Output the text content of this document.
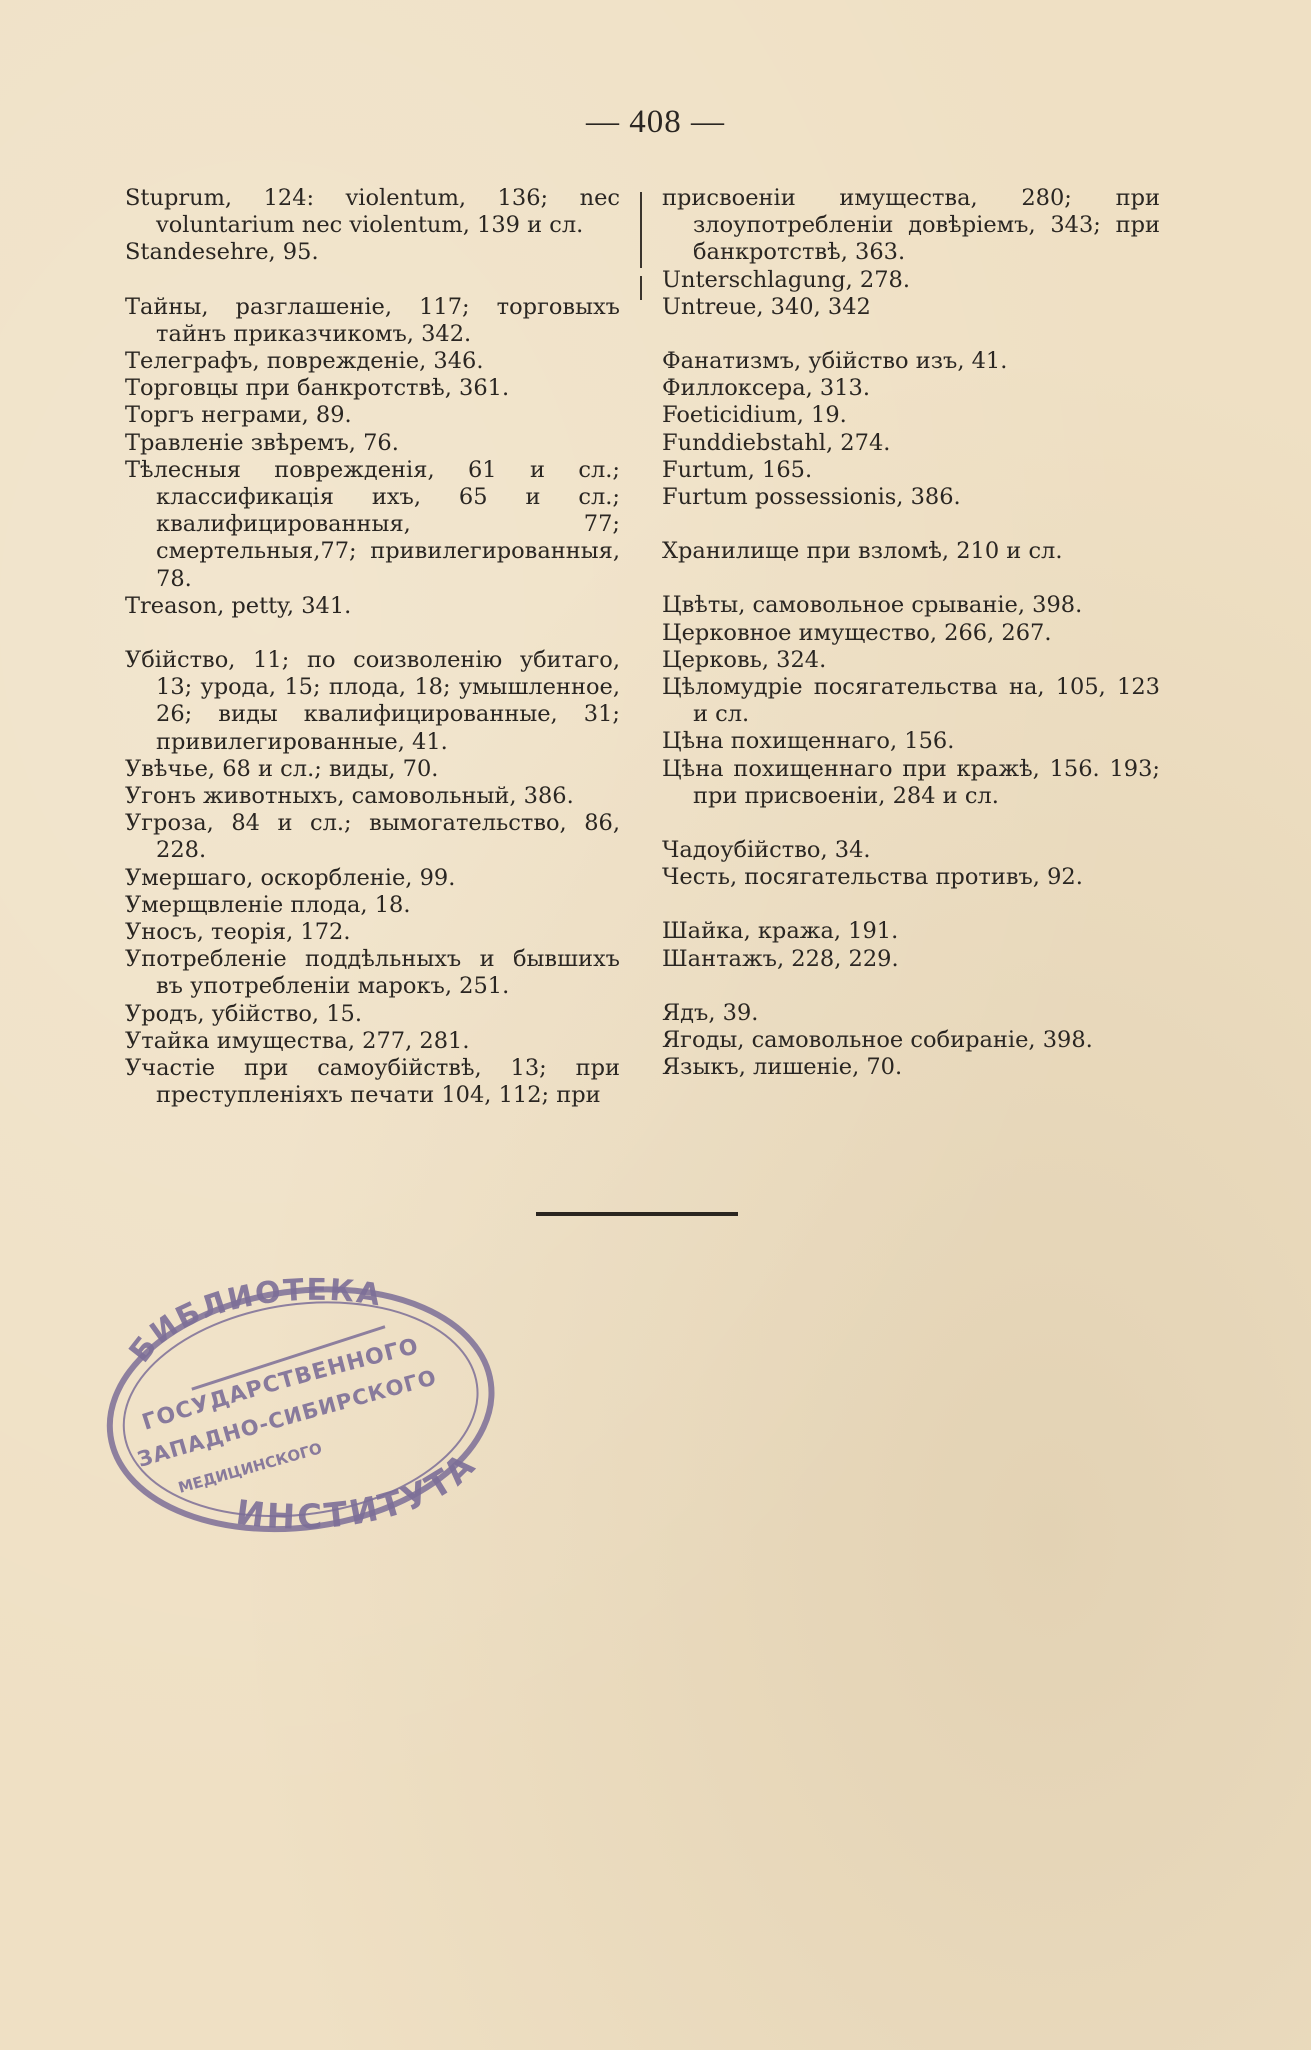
— 408 —

Stuprum, 124: violentum, 136; nec voluntarium nec violentum, 139 и сл.

Standesehre, 95.

Тайны, разглашеніе, 117; торговыхъ тайнъ приказчикомъ, 342.

Телеграфъ, поврежденіе, 346.

Торговцы при банкротствѣ, 361.

Торгъ неграми, 89.

Травленіе звѣремъ, 76.

Тѣлесныя поврежденія, 61 и сл.; классификація ихъ, 65 и сл.; квалифицированныя, 77; смертельныя,77; привилегированныя, 78.

Treason, petty, 341.

Убійство, 11; по соизволенію убитаго, 13; урода, 15; плода, 18; умышленное, 26; виды квалифицированные, 31; привилегированные, 41.

Увѣчье, 68 и сл.; виды, 70.

Угонъ животныхъ, самовольный, 386.

Угроза, 84 и сл.; вымогательство, 86, 228.

Умершаго, оскорбленіе, 99.

Умерщвленіе плода, 18.

Уносъ, теорія, 172.

Употребленіе поддѣльныхъ и бывшихъ въ употребленіи марокъ, 251.

Уродъ, убійство, 15.

Утайка имущества, 277, 281.

Участіе при самоубійствѣ, 13; при преступленіяхъ печати 104, 112; при

присвоеніи имущества, 280; при злоупотребленіи довѣріемъ, 343; при банкротствѣ, 363.

Unterschlagung, 278.

Untreue, 340, 342

Фанатизмъ, убійство изъ, 41.

Филлоксера, 313.

Foeticidium, 19.

Funddiebstahl, 274.

Furtum, 165.

Furtum possessionis, 386.

Хранилище при взломѣ, 210 и сл.

Цвѣты, самовольное срываніе, 398.

Церковное имущество, 266, 267.

Церковь, 324.

Цѣломудріе посягательства на, 105, 123 и сл.

Цѣна похищеннаго, 156.

Цѣна похищеннаго при кражѣ, 156. 193; при присвоеніи, 284 и сл.

Чадоубійство, 34.

Честь, посягательства противъ, 92.

Шайка, кража, 191.

Шантажъ, 228, 229.

Ядъ, 39.

Ягоды, самовольное собираніе, 398.

Языкъ, лишеніе, 70.

БИБЛИОТЕКА
ГОСУДАРСТВЕННОГО
ЗАПАДНО-СИБИРСКОГО
МЕДИЦИНСКОГО
ИНСТИТУТА
